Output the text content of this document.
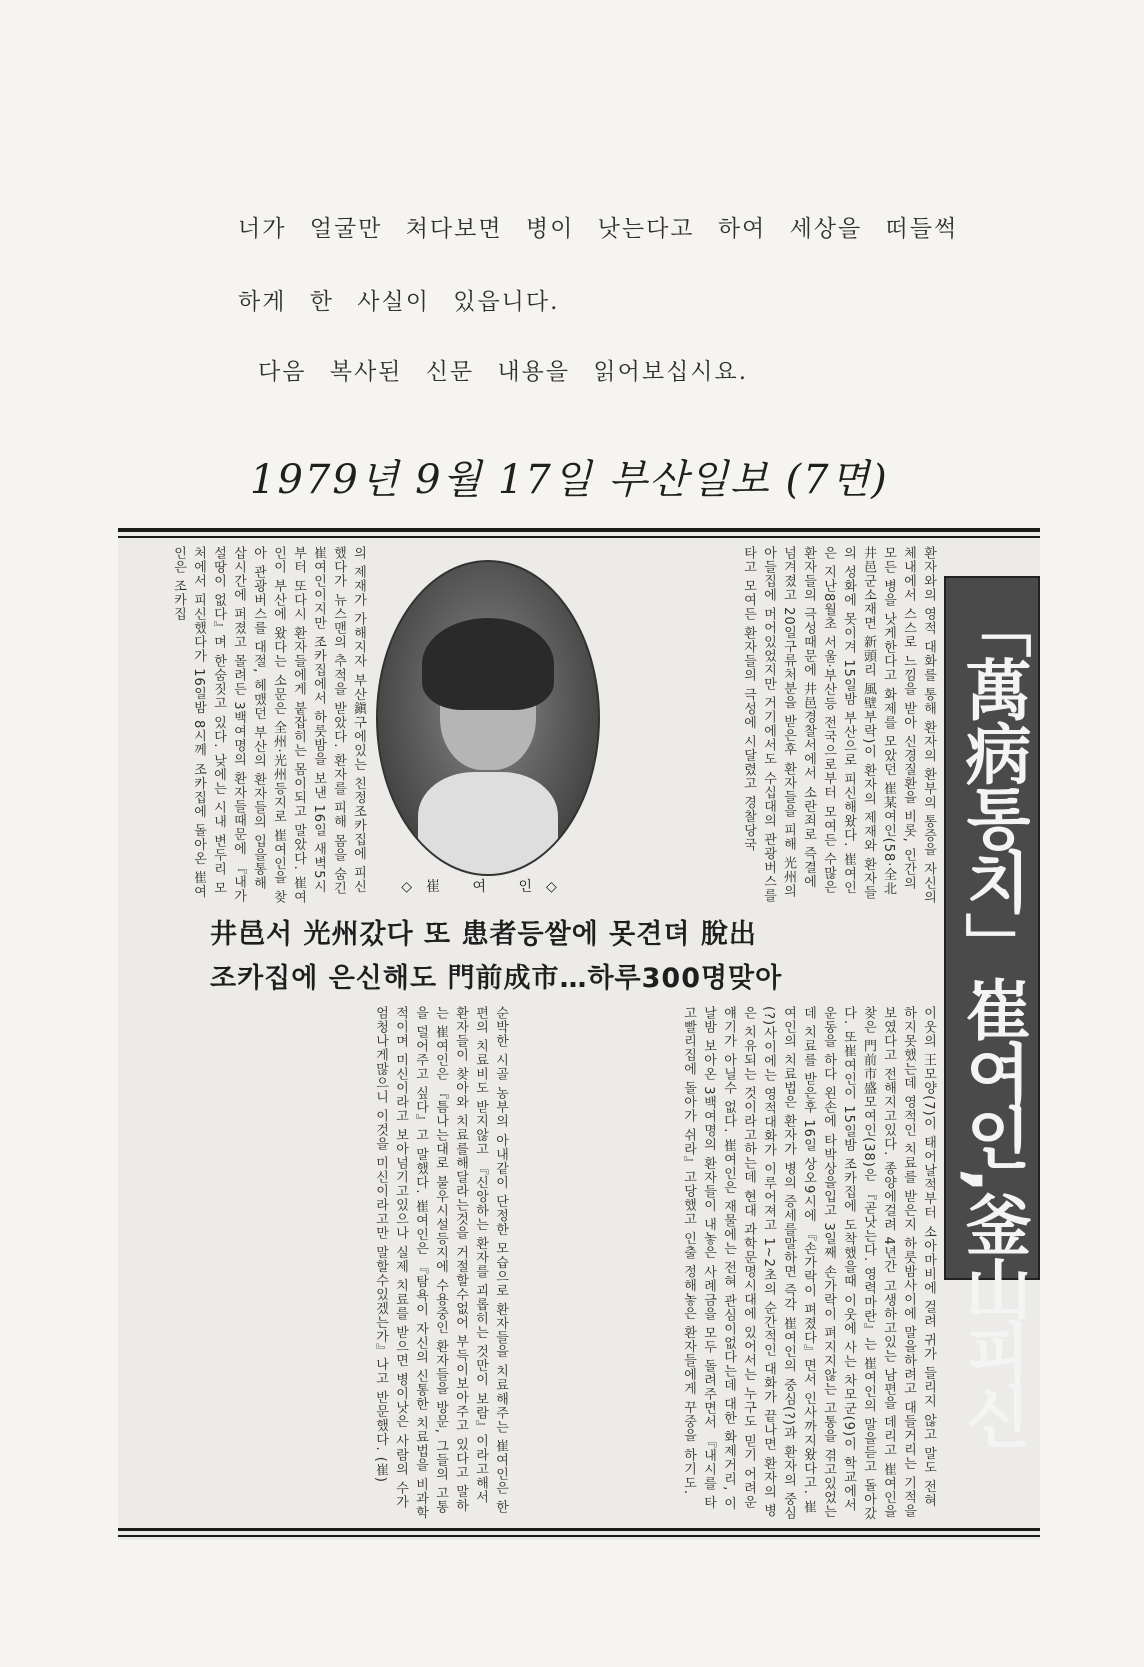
너가 얼굴만 쳐다보면 병이 낫는다고 하여 세상을 떠들썩
하게 한 사실이 있읍니다.
다음 복사된 신문 내용을 읽어보십시요.
1979년 9월 17일 부산일보 (7면)
「萬病통치」崔여인,釜山피신

환자와의 영적 대화를 통해 환자의 환부의 통증을 자신의 체내에서 스스로 느낌을 받아 신경질환을 비롯, 인간의 모든 병을 낫게한다고 화제를 모았던 崔某여인(58·全北井邑군소재면 新頭리 風壁부락)이 환자의 제재와 환자들의 성화에 못이겨 15일밤 부산으로 피신해왔다. 崔여인은 지난8월초 서울·부산등 전국으로부터 모여든 수많은 환자들의 극성때문에 井邑경찰서에서 소란죄로 즉결에 넘겨졌고 20일구류처분을 받은후 환자들을 피해 光州의 아들집에 머어있었지만 거기에서도 수십대의 관광버스를 타고 모여든 환자들의 극성에 시달렸고 경찰당국

◇崔 여 인◇

의 제재가 가해지자 부산鎭구에있는 친정조카집에 피신했다가 뉴스맨의 추적을 받았다. 환자를 피해 몸을 숨긴 崔여인이지만 조카집에서 하룻밤을 보낸 16일 새벽5시부터 또다시 환자들에게 붙잡히는 몸이되고 말았다. 崔여인이 부산에 왔다는 소문은 全州·光州등지로 崔여인을 찾아 관광버스를 대절, 헤맸던 부산의 환자들의 입을통해 삽시간에 퍼졌고 몰려든 3백여명의 환자들때문에 『내가 설땅이 없다』며 한숨짓고 있다. 낮에는 시내 변두리 모처에서 피신했다가 16일밤 8시께 조카집에 돌아온 崔여인은 조카집

井邑서 光州갔다 또 患者등쌀에 못견뎌 脫出
조카집에 은신해도 門前成市…하루300명맞아

이웃의 王모양(7)이 태어날적부터 소아마비에 걸려 귀가 들리지 않고 말도 전혀 하지못했는데 영적인 치료를 받은지 하룻밤사이에 말을하려고 대들거리는 기적을 보였다고 전해지고있다. 종양에걸려 4년간 고생하고있는 남편을 데리고 崔여인을찾은 門前市盛모여인(38)은 『곧낫는다. 영력마란』는 崔여인의 말을듣고 돌아갔다. 또崔여인이 15일밤 조카집에 도착했을때 이웃에 사는 차모군(9)이 학교에서 운동을 하다 왼손에 타박상을입고 3일째 손가락이 펴지지않는 고통을 겪고있었는데 치료를 받은후 16일 상오9시에 『손가락이 펴졌다』면서 인사까지왔다고. 崔여인의 치료법은 환자가 병의 증세를말하면 즉각 崔여인의 중심(?)과 환자의 중심(?)사이에는 영적대화가 이루어져고 1~2초의 순간적인 대화가 끝나면 환자의 병은 치유되는 것이라고하는데 현대 과학문명시대에 있어서는 누구도 믿기 어려운 얘기가 아닐수 없다. 崔여인은 재물에는 전혀 관심이없다는데 대한 화제거리, 이날밤 보아온 3백여명의 환자들이 내놓은 사례금을 모두 돌려주면서 『내시를 타고빨리집에 돌아가 쉬라』고당했고 인출 정해놓은 환자들에게 꾸중을 하기도.

순박한 시골 농부의 아내같이 단정한 모습으로 환자들을 치료해주는 崔여인은 한편의 치료비도 받지않고 『신앙하는 환자를 괴롭히는 것만이 보람』이라고해서 환자들이 찾아와 치료를해달라는것을 거절할수없어 부득이보아주고 있다고 말하는 崔여인은 『틈나는대로 불우시설등지에 수용중인 환자들을 방문, 그들의 고통을 덜어주고 싶다』고 말했다. 崔여인은 『탐욕이 자신의 신통한 치료법을 비과학적이며 미신이라고 보아넘기고있으나 실제 치료를 받으면 병이낫은 사람의 수가 엄청나게많으니 이것을 미신이라고만 말할수있겠는가』나고 반문했다. (崔)
